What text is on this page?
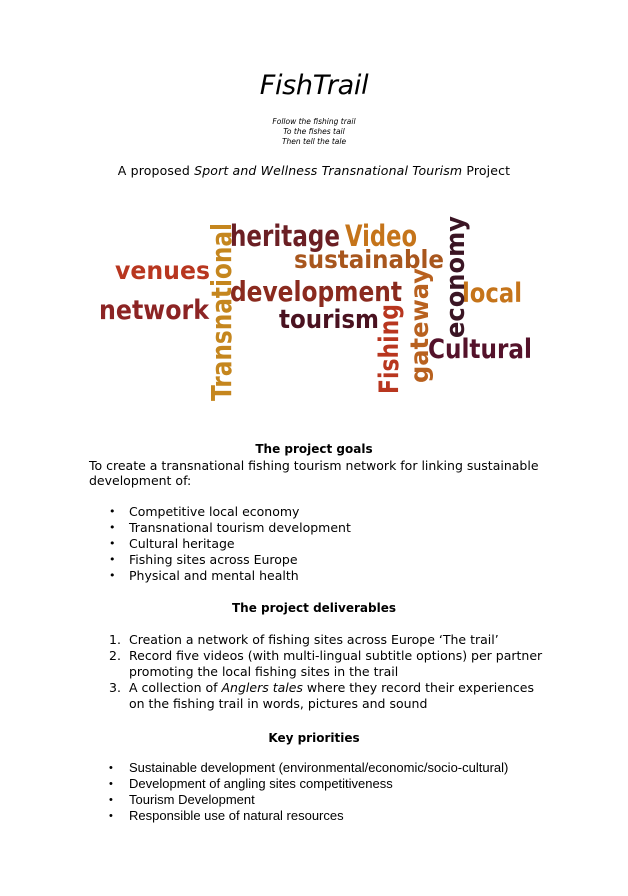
FishTrail
Follow the fishing trail
To the fishes tail
Then tell the tale
A proposed Sport and Wellness Transnational Tourism Project
heritage Video
sustainable
venues
development local
network	tourism
Cultural
Transnational	Fishing gateway economy
The project goals
To create a transnational fishing tourism network for linking sustainable development of:
• Competitive local economy
• Transnational tourism development
• Cultural heritage
• Fishing sites across Europe
• Physical and mental health
The project deliverables
1. Creation a network of fishing sites across Europe ‘The trail’
2. Record five videos (with multi-lingual subtitle options) per partner promoting the local fishing sites in the trail
3. A collection of Anglers tales where they record their experiences on the fishing trail in words, pictures and sound
Key priorities
• Sustainable development (environmental/economic/socio-cultural)
• Development of angling sites competitiveness
• Tourism Development
• Responsible use of natural resources
